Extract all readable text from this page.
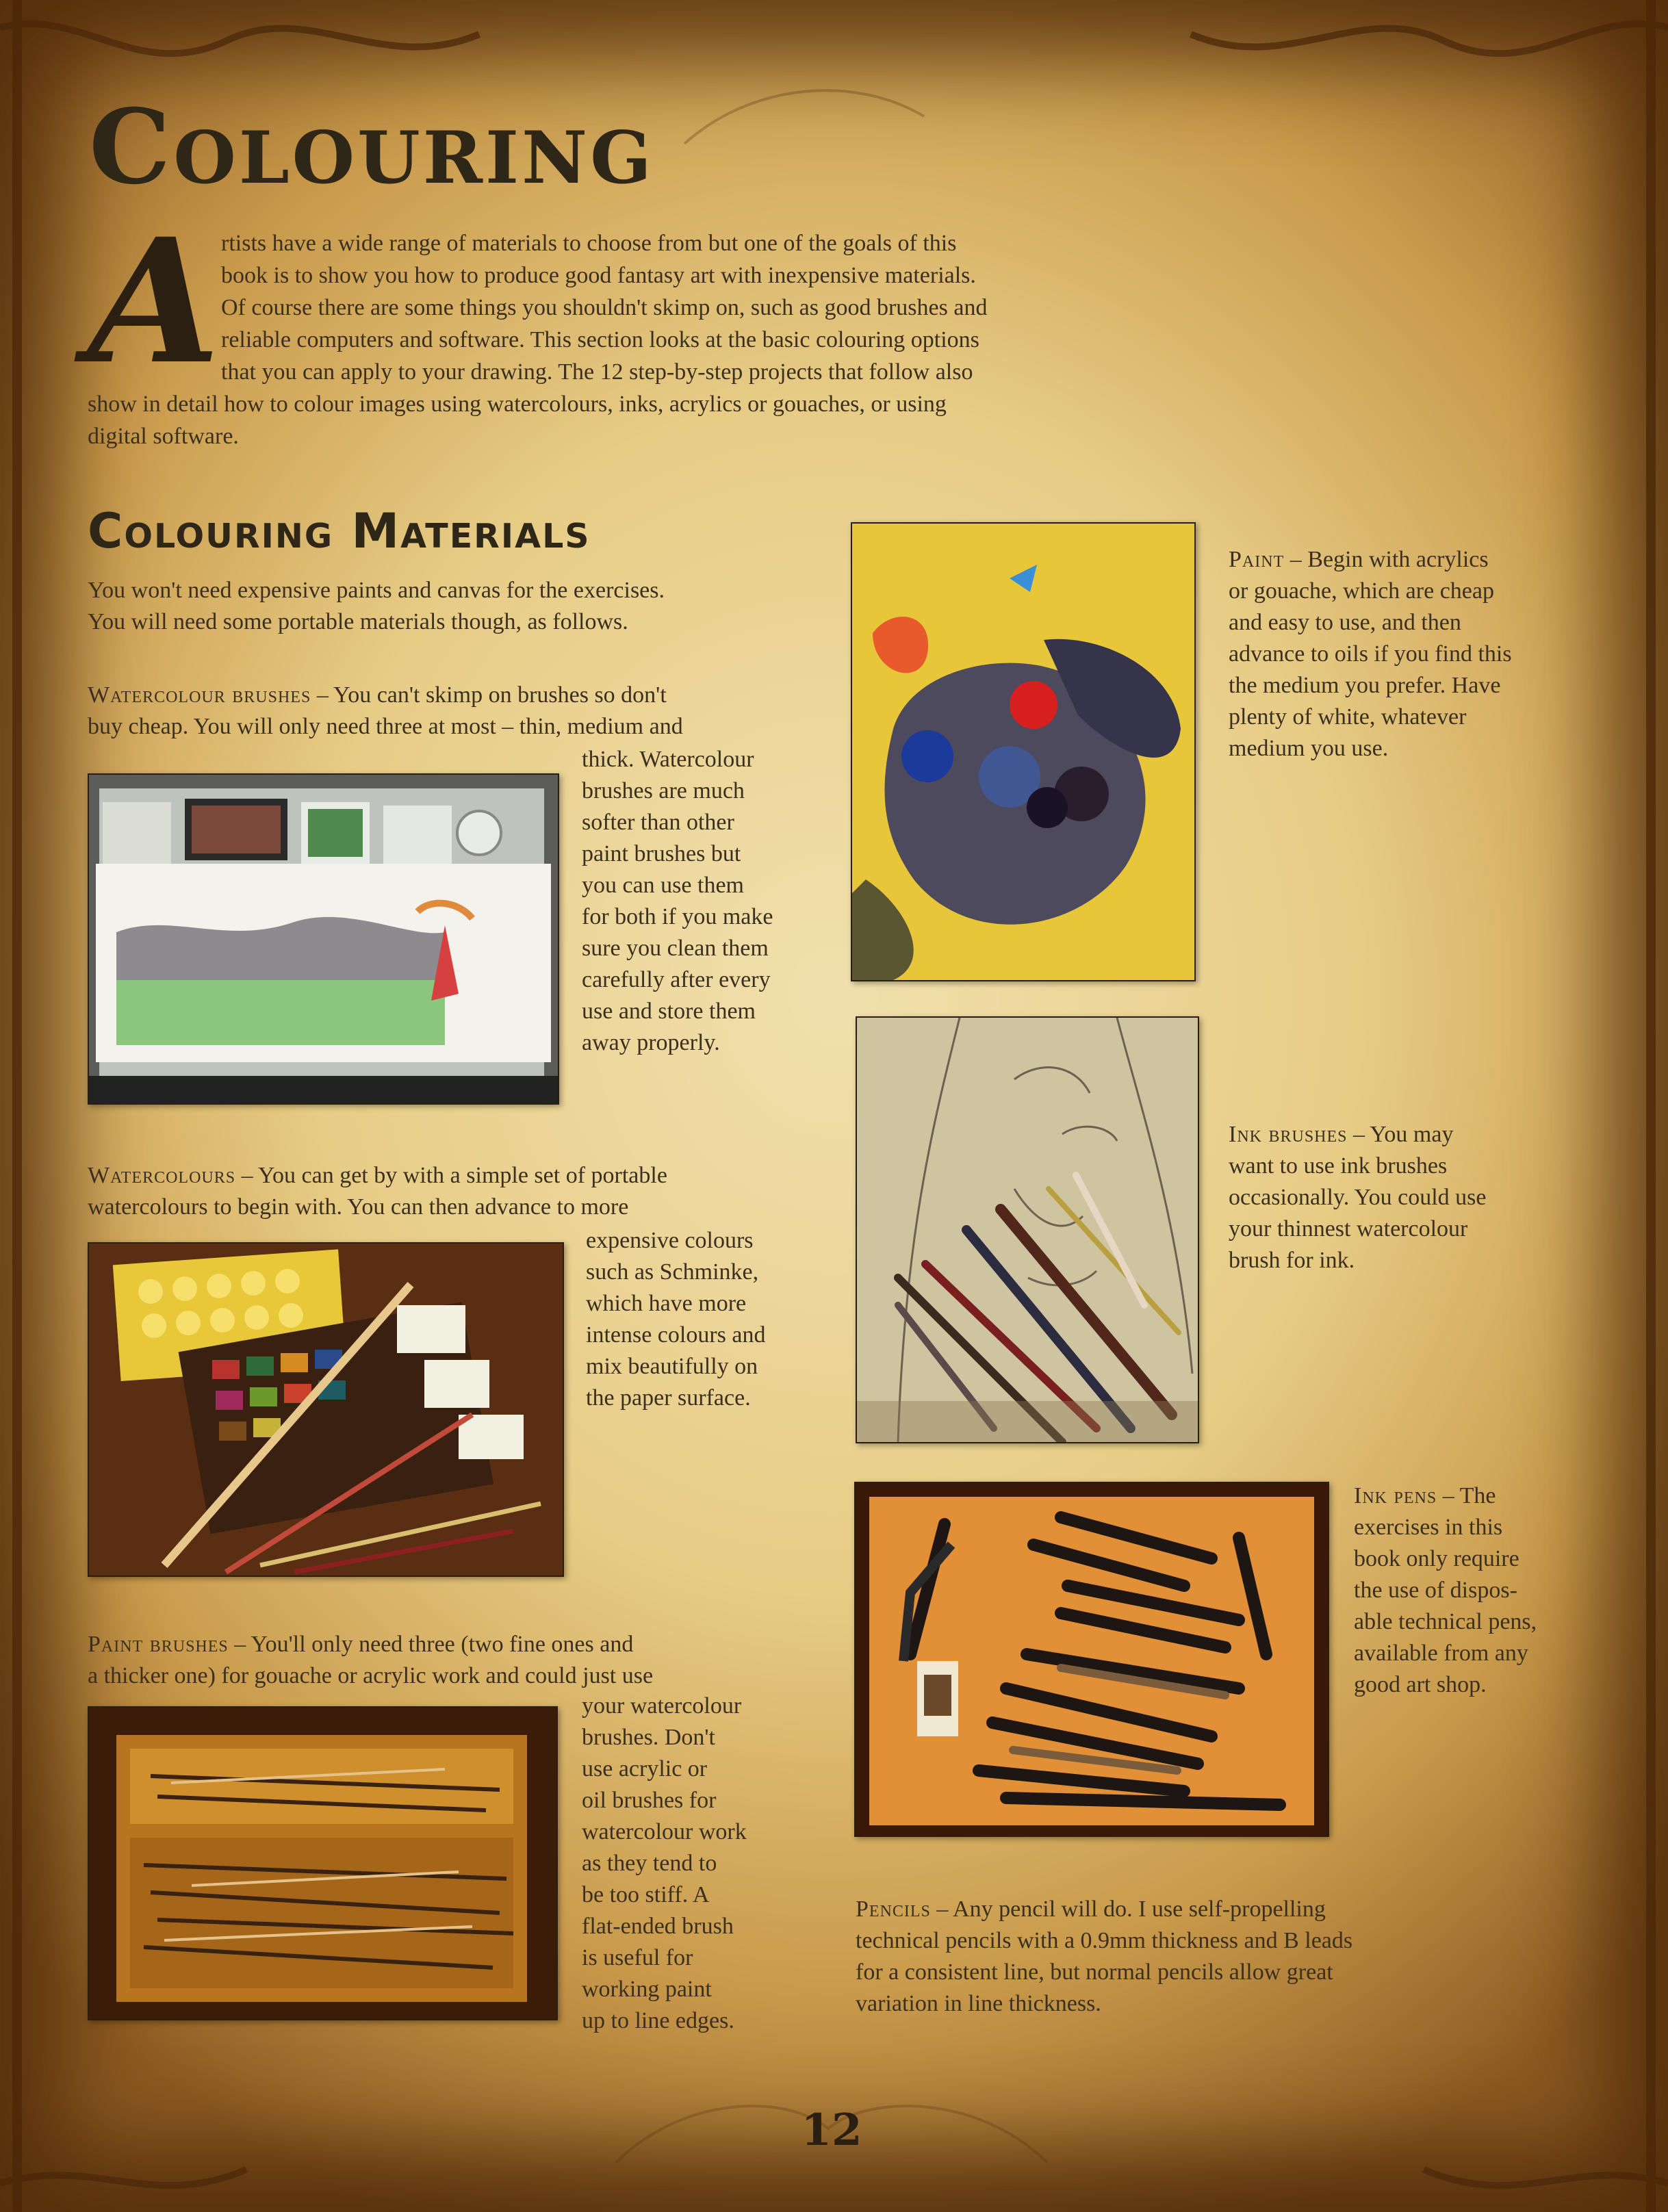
Colouring
A rtists have a wide range of materials to choose from but one of the goals of this
book is to show you how to produce good fantasy art with inexpensive materials.
Of course there are some things you shouldn't skimp on, such as good brushes and
reliable computers and software. This section looks at the basic colouring options
that you can apply to your drawing. The 12 step-by-step projects that follow also
show in detail how to colour images using watercolours, inks, acrylics or gouaches, or using
digital software.
Colouring Materials
You won't need expensive paints and canvas for the exercises.
You will need some portable materials though, as follows.
Watercolour brushes – You can't skimp on brushes so don't
buy cheap. You will only need three at most – thin, medium and
thick. Watercolour
brushes are much
softer than other
paint brushes but
you can use them
for both if you make
sure you clean them
carefully after every
use and store them
away properly.
Watercolours – You can get by with a simple set of portable
watercolours to begin with. You can then advance to more
expensive colours
such as Schminke,
which have more
intense colours and
mix beautifully on
the paper surface.
Paint brushes – You'll only need three (two fine ones and
a thicker one) for gouache or acrylic work and could just use
your watercolour
brushes. Don't
use acrylic or
oil brushes for
watercolour work
as they tend to
be too stiff. A
flat-ended brush
is useful for
working paint
up to line edges.
Paint – Begin with acrylics
or gouache, which are cheap
and easy to use, and then
advance to oils if you find this
the medium you prefer. Have
plenty of white, whatever
medium you use.
Ink brushes – You may
want to use ink brushes
occasionally. You could use
your thinnest watercolour
brush for ink.
Ink pens – The
exercises in this
book only require
the use of dispos-
able technical pens,
available from any
good art shop.
Pencils – Any pencil will do. I use self-propelling
technical pencils with a 0.9mm thickness and B leads
for a consistent line, but normal pencils allow great
variation in line thickness.
12
